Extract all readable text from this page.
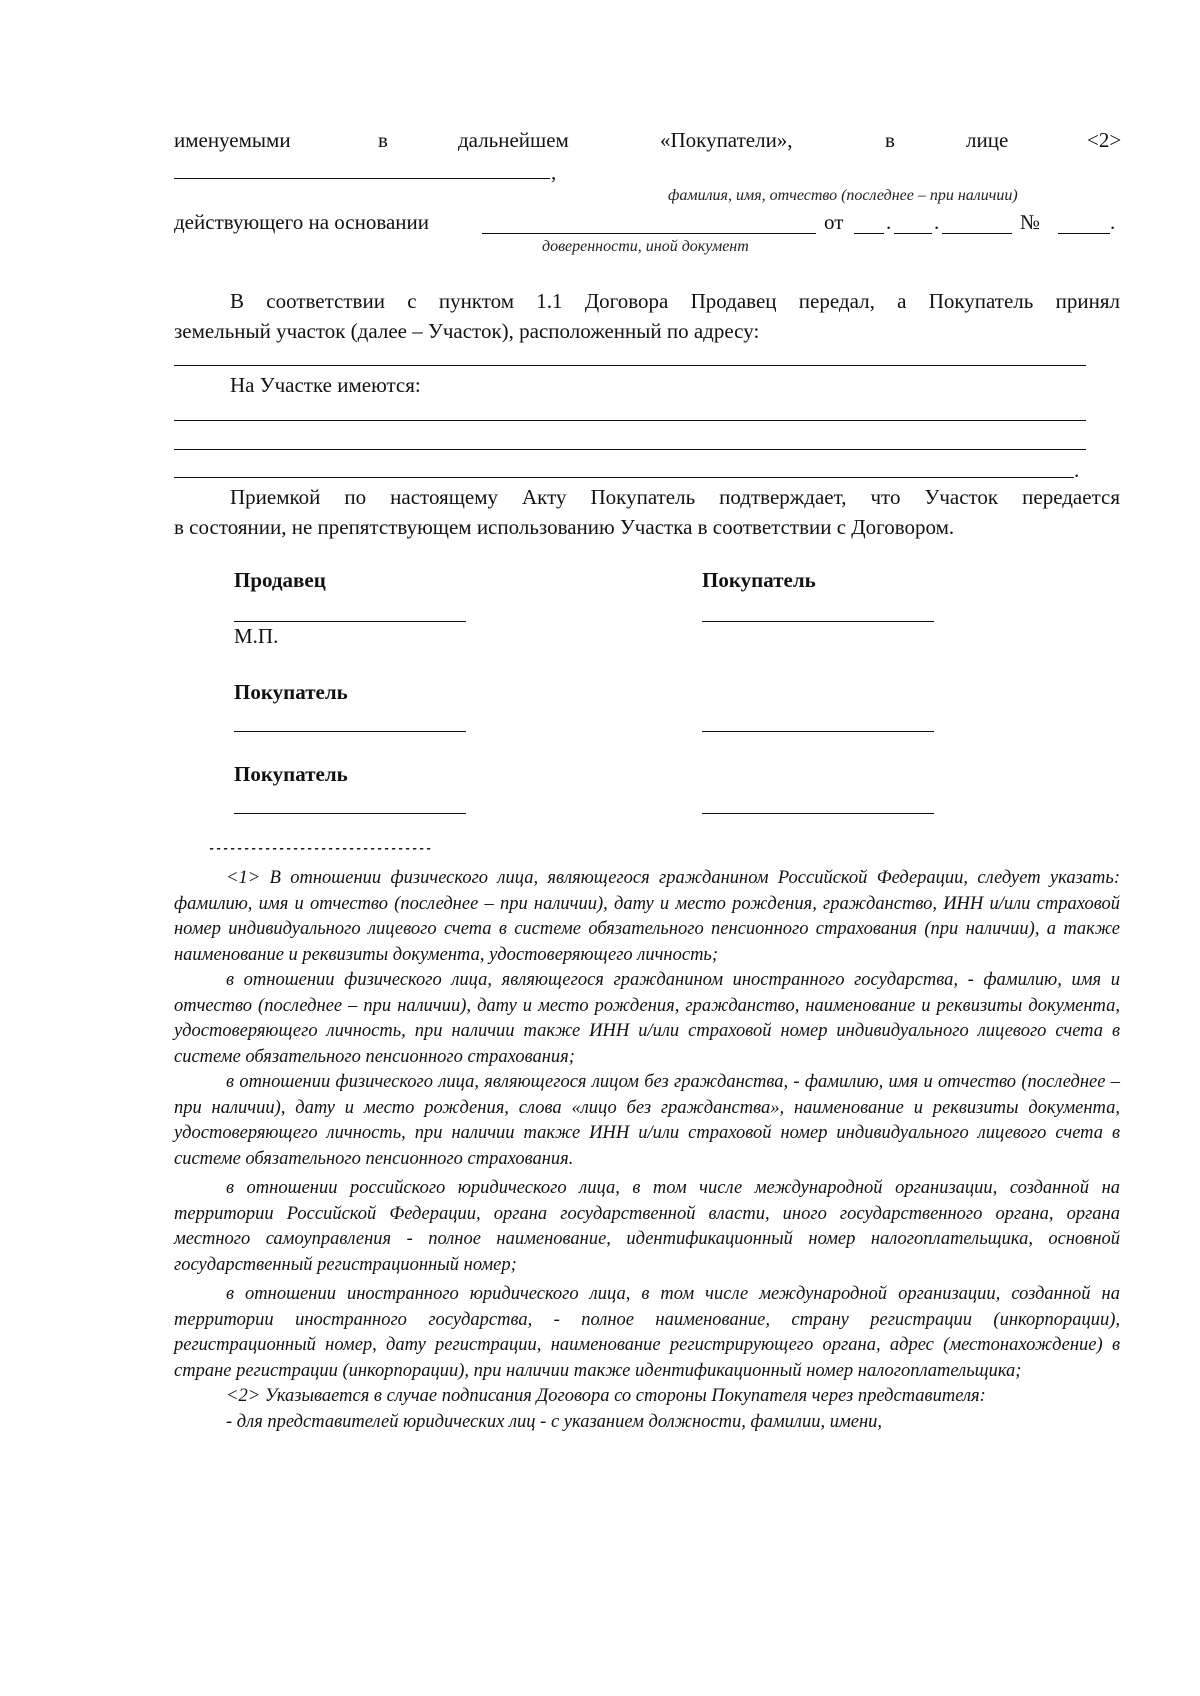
именуемыми	в	дальнейшем	«Покупатели»,	в	лице	<2>
,
фамилия, имя, отчество (последнее – при наличии)
действующего на основании	от . .	№	.
доверенности, иной документ
В соответствии с пунктом 1.1 Договора Продавец передал, а Покупатель принял
земельный участок (далее – Участок), расположенный по адресу:
На Участке имеются:
.
Приемкой по настоящему Акту Покупатель подтверждает, что Участок передается
в состоянии, не препятствующем использованию Участка в соответствии с Договором.
Продавец	Покупатель
М.П.
Покупатель
Покупатель
--------------------------------

<1> В отношении физического лица, являющегося гражданином Российской Федерации, следует указать: фамилию, имя и отчество (последнее – при наличии), дату и место рождения, гражданство, ИНН и/или страховой номер индивидуального лицевого счета в системе обязательного пенсионного страхования (при наличии), а также наименование и реквизиты документа, удостоверяющего личность;

в отношении физического лица, являющегося гражданином иностранного государства, - фамилию, имя и отчество (последнее – при наличии), дату и место рождения, гражданство, наименование и реквизиты документа, удостоверяющего личность, при наличии также ИНН и/или страховой номер индивидуального лицевого счета в системе обязательного пенсионного страхования;

в отношении физического лица, являющегося лицом без гражданства, - фамилию, имя и отчество (последнее – при наличии), дату и место рождения, слова «лицо без гражданства», наименование и реквизиты документа, удостоверяющего личность, при наличии также ИНН и/или страховой номер индивидуального лицевого счета в системе обязательного пенсионного страхования.

в отношении российского юридического лица, в том числе международной организации, созданной на территории Российской Федерации, органа государственной власти, иного государственного органа, органа местного самоуправления - полное наименование, идентификационный номер налогоплательщика, основной государственный регистрационный номер;

в отношении иностранного юридического лица, в том числе международной организации, созданной на территории иностранного государства, - полное наименование, страну регистрации (инкорпорации), регистрационный номер, дату регистрации, наименование регистрирующего органа, адрес (местонахождение) в стране регистрации (инкорпорации), при наличии также идентификационный номер налогоплательщика;

<2> Указывается в случае подписания Договора со стороны Покупателя через представителя:

- для представителей юридических лиц - с указанием должности, фамилии, имени,
